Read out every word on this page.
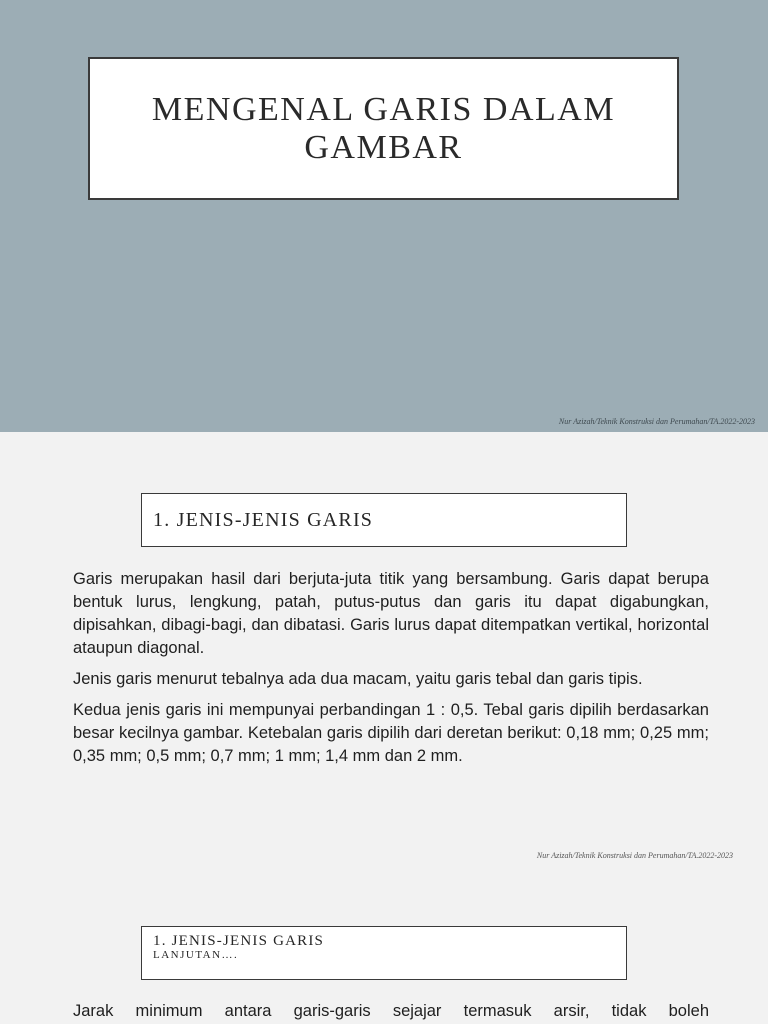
MENGENAL GARIS DALAM
GAMBAR
Nur Azizah/Teknik Konstruksi dan Perumahan/TA.2022-2023
1. JENIS-JENIS GARIS

Garis merupakan hasil dari berjuta-juta titik yang bersambung. Garis dapat berupa bentuk lurus, lengkung, patah, putus-putus dan garis itu dapat digabungkan, dipisahkan, dibagi-bagi, dan dibatasi. Garis lurus dapat ditempatkan vertikal, horizontal ataupun diagonal.

Jenis garis menurut tebalnya ada dua macam, yaitu garis tebal dan garis tipis.

Kedua jenis garis ini mempunyai perbandingan 1 : 0,5. Tebal garis dipilih berdasarkan besar kecilnya gambar. Ketebalan garis dipilih dari deretan berikut: 0,18 mm; 0,25 mm; 0,35 mm; 0,5 mm; 0,7 mm; 1 mm; 1,4 mm dan 2 mm.

Nur Azizah/Teknik Konstruksi dan Perumahan/TA.2022-2023
1. JENIS-JENIS GARIS
LANJUTAN….
Jarak minimum antara garis-garis sejajar termasuk arsir, tidak boleh
